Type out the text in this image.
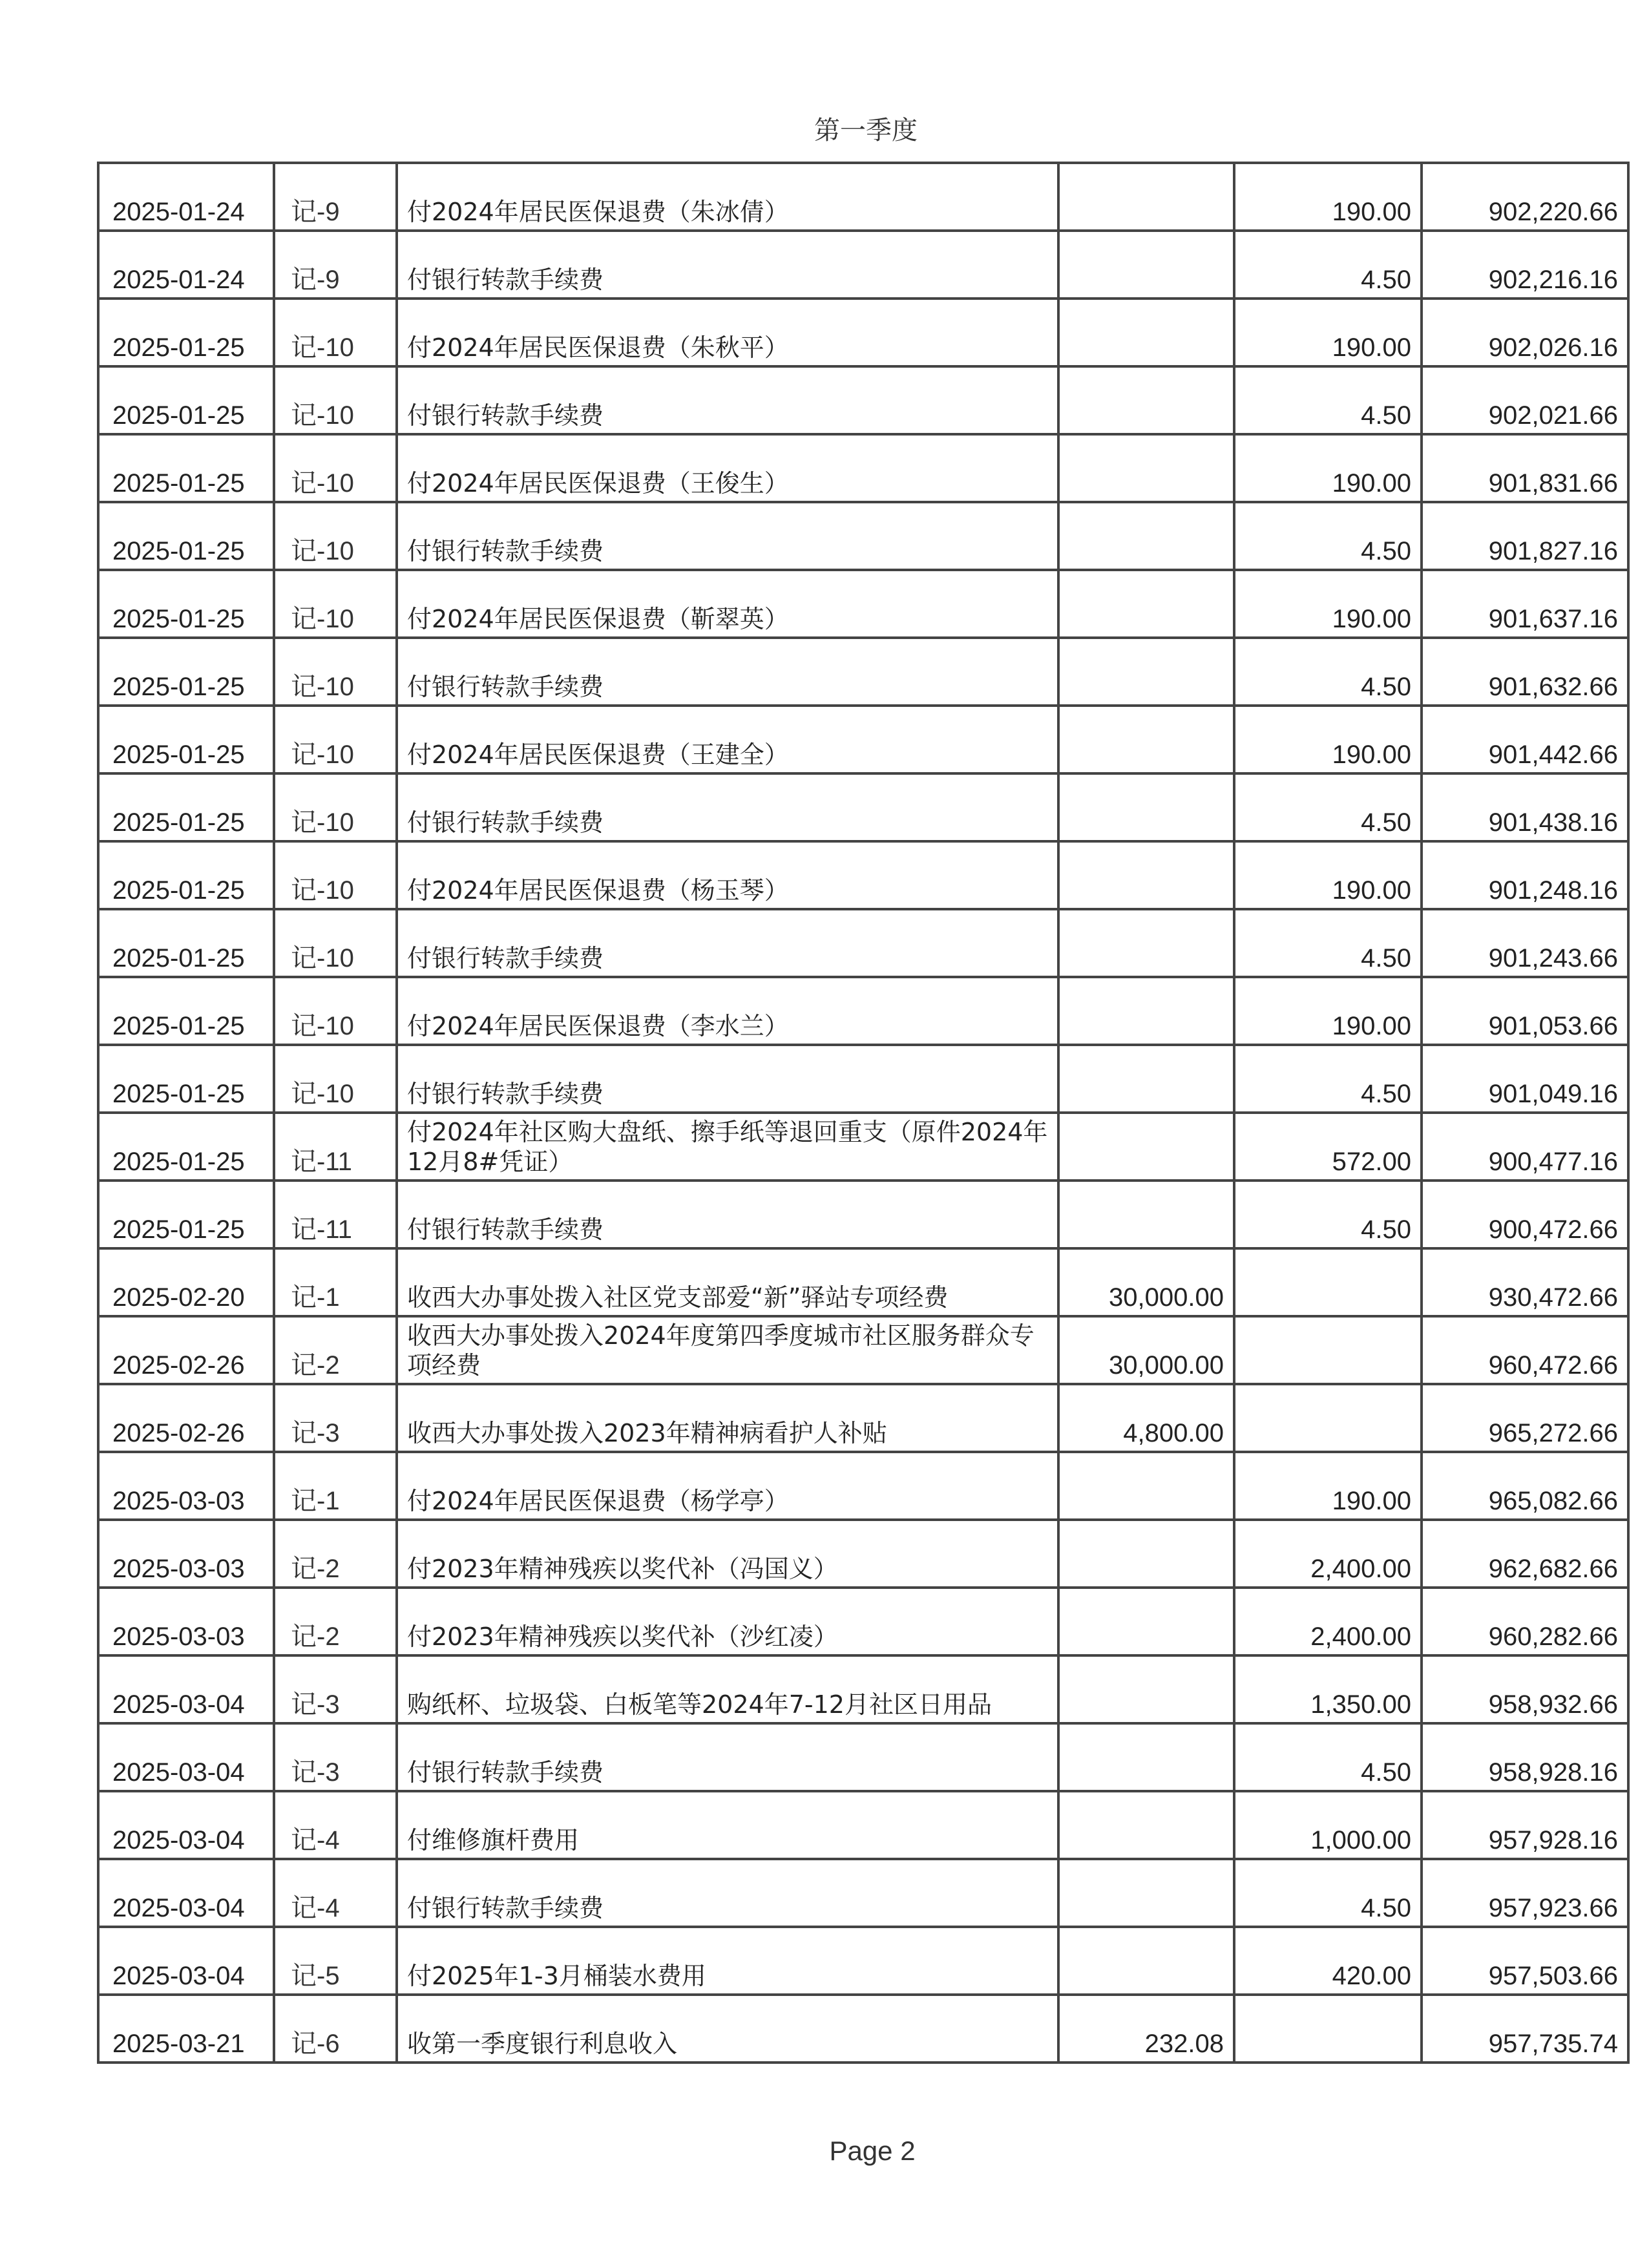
第一季度
2025-01-24	记-9	付2024年居民医保退费（朱冰倩）		190.00	902,220.66
2025-01-24	记-9	付银行转款手续费		4.50	902,216.16
2025-01-25	记-10	付2024年居民医保退费（朱秋平）		190.00	902,026.16
2025-01-25	记-10	付银行转款手续费		4.50	902,021.66
2025-01-25	记-10	付2024年居民医保退费（王俊生）		190.00	901,831.66
2025-01-25	记-10	付银行转款手续费		4.50	901,827.16
2025-01-25	记-10	付2024年居民医保退费（靳翠英）		190.00	901,637.16
2025-01-25	记-10	付银行转款手续费		4.50	901,632.66
2025-01-25	记-10	付2024年居民医保退费（王建全）		190.00	901,442.66
2025-01-25	记-10	付银行转款手续费		4.50	901,438.16
2025-01-25	记-10	付2024年居民医保退费（杨玉琴）		190.00	901,248.16
2025-01-25	记-10	付银行转款手续费		4.50	901,243.66
2025-01-25	记-10	付2024年居民医保退费（李水兰）		190.00	901,053.66
2025-01-25	记-10	付银行转款手续费		4.50	901,049.16
2025-01-25	记-11	付2024年社区购大盘纸、擦手纸等退回重支（原件2024年12月8#凭证）		572.00	900,477.16
2025-01-25	记-11	付银行转款手续费		4.50	900,472.66
2025-02-20	记-1	收西大办事处拨入社区党支部爱“新”驿站专项经费	30,000.00		930,472.66
2025-02-26	记-2	收西大办事处拨入2024年度第四季度城市社区服务群众专项经费	30,000.00		960,472.66
2025-02-26	记-3	收西大办事处拨入2023年精神病看护人补贴	4,800.00		965,272.66
2025-03-03	记-1	付2024年居民医保退费（杨学亭）		190.00	965,082.66
2025-03-03	记-2	付2023年精神残疾以奖代补（冯国义）		2,400.00	962,682.66
2025-03-03	记-2	付2023年精神残疾以奖代补（沙红凌）		2,400.00	960,282.66
2025-03-04	记-3	购纸杯、垃圾袋、白板笔等2024年7-12月社区日用品		1,350.00	958,932.66
2025-03-04	记-3	付银行转款手续费		4.50	958,928.16
2025-03-04	记-4	付维修旗杆费用		1,000.00	957,928.16
2025-03-04	记-4	付银行转款手续费		4.50	957,923.66
2025-03-04	记-5	付2025年1-3月桶装水费用		420.00	957,503.66
2025-03-21	记-6	收第一季度银行利息收入	232.08		957,735.74
Page 2
